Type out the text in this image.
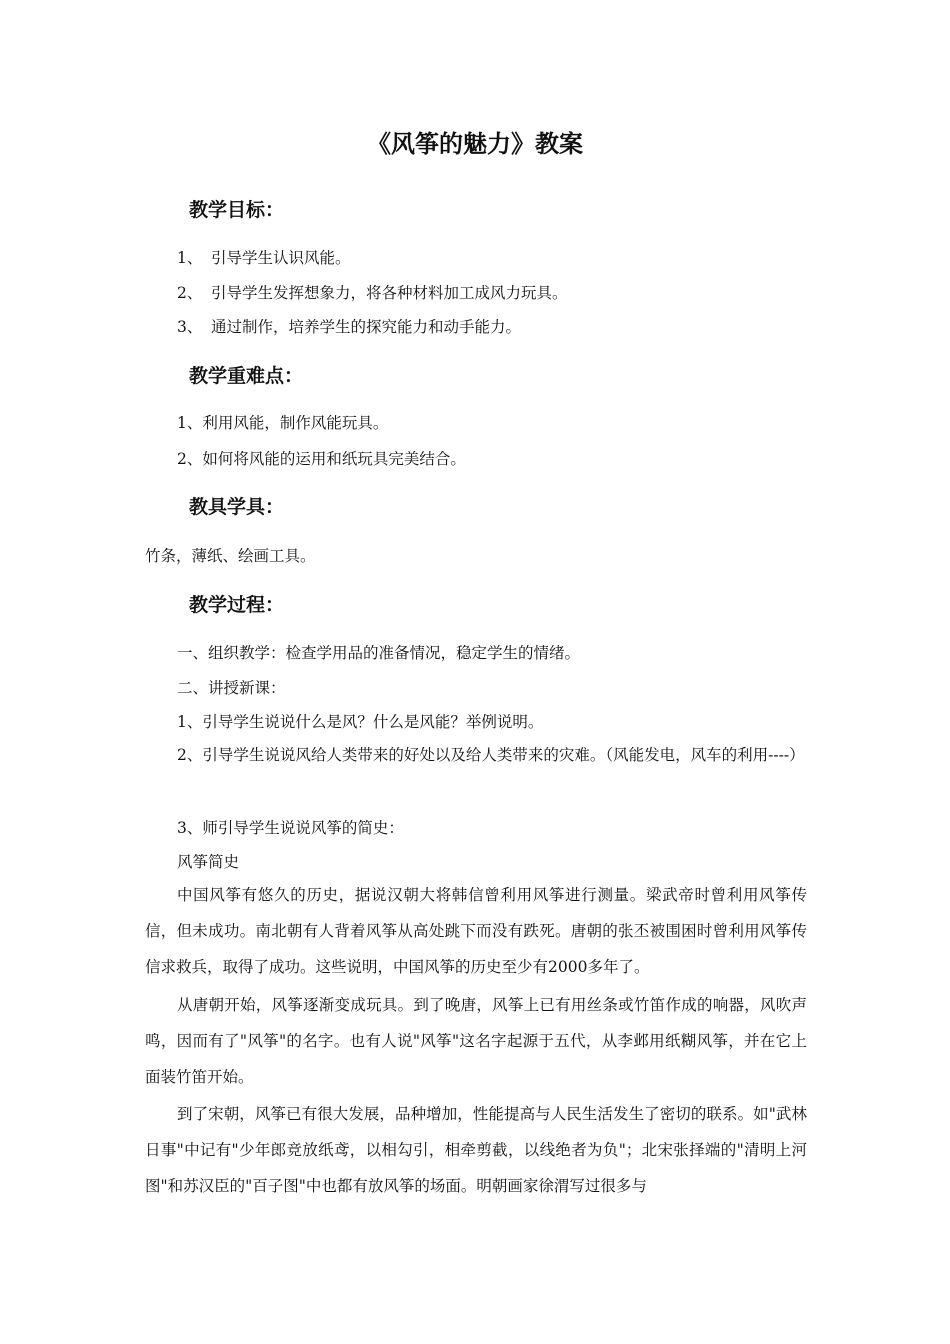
《风筝的魅力》教案
教学目标：
1、 引导学生认识风能。
2、 引导学生发挥想象力，将各种材料加工成风力玩具。
3、 通过制作，培养学生的探究能力和动手能力。
教学重难点：
1、利用风能，制作风能玩具。
2、如何将风能的运用和纸玩具完美结合。
教具学具：
竹条，薄纸、绘画工具。
教学过程：
一、组织教学：检查学用品的准备情况，稳定学生的情绪。
二、讲授新课：
1、引导学生说说什么是风？什么是风能？举例说明。
2、引导学生说说风给人类带来的好处以及给人类带来的灾难。（风能发电，风车的利用----）
3、师引导学生说说风筝的简史：
风筝简史
中国风筝有悠久的历史，据说汉朝大将韩信曾利用风筝进行测量。梁武帝时曾利用风筝传信，但未成功。南北朝有人背着风筝从高处跳下而没有跌死。唐朝的张丕被围困时曾利用风筝传信求救兵，取得了成功。这些说明，中国风筝的历史至少有2000多年了。
从唐朝开始，风筝逐渐变成玩具。到了晚唐，风筝上已有用丝条或竹笛作成的响器，风吹声鸣，因而有了"风筝"的名字。也有人说"风筝"这名字起源于五代，从李邺用纸糊风筝，并在它上面装竹笛开始。
到了宋朝，风筝已有很大发展，品种增加，性能提高与人民生活发生了密切的联系。如"武林 日事"中记有"少年郎竞放纸鸢，以相勾引，相牵剪截，以线绝者为负"；北宋张择端的"清明上河图"和苏汉臣的"百子图"中也都有放风筝的场面。明朝画家徐渭写过很多与
